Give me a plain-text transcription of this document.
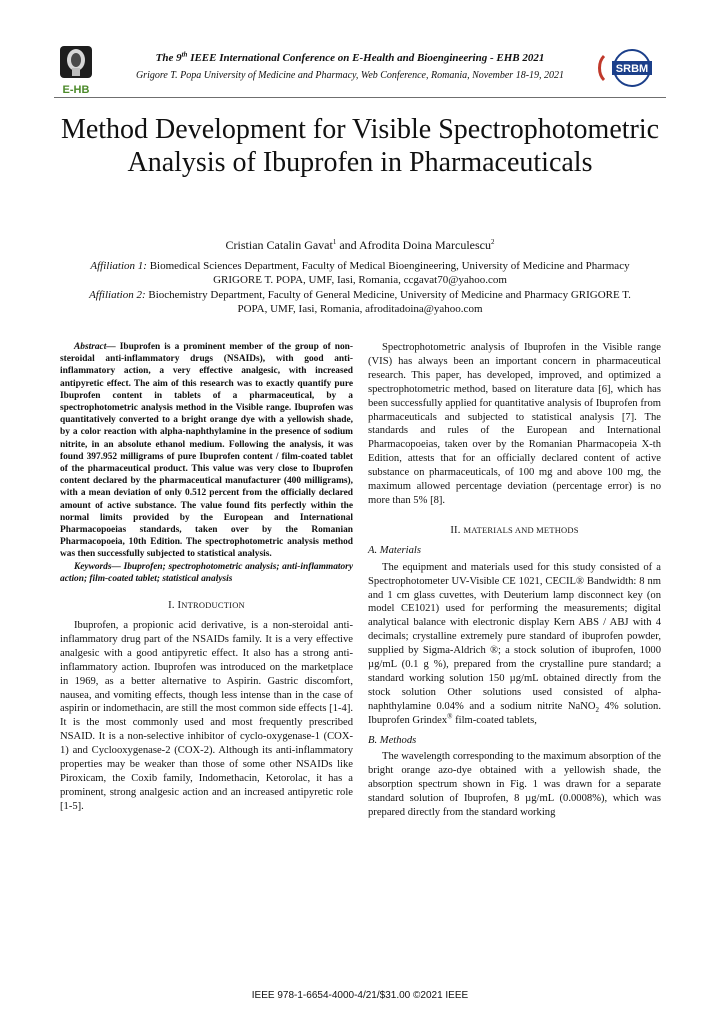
E-HB
SRBM
The 9th IEEE International Conference on E-Health and Bioengineering - EHB 2021
Grigore T. Popa University of Medicine and Pharmacy, Web Conference, Romania, November 18-19, 2021
Method Development for Visible Spectrophotometric Analysis of Ibuprofen in Pharmaceuticals
Cristian Catalin Gavat$^1$ and Afrodita Doina Marculescu$^2$
Affiliation 1: Biomedical Sciences Department, Faculty of Medical Bioengineering, University of Medicine and Pharmacy
GRIGORE T. POPA, UMF, Iasi, Romania, ccgavat70@yahoo.com
Affiliation 2: Biochemistry Department, Faculty of General Medicine, University of Medicine and Pharmacy GRIGORE T.
POPA, UMF, Iasi, Romania, afroditadoina@yahoo.com

Abstract— Ibuprofen is a prominent member of the group of non-steroidal anti-inflammatory drugs (NSAIDs), with good anti-inflammatory action, a very effective analgesic, with increased antipyretic effect. The aim of this research was to exactly quantify pure Ibuprofen content in tablets of a pharmaceutical, by a spectrophotometric analysis method in the Visible range. Ibuprofen was quantitatively converted to a bright orange dye with a yellowish shade, by a color reaction with alpha-naphthylamine in the presence of sodium nitrite, in an absolute ethanol medium. Following the analysis, it was found 397.952 milligrams of pure Ibuprofen content / film-coated tablet of the pharmaceutical product. This value was very close to Ibuprofen content declared by the pharmaceutical manufacturer (400 milligrams), with a mean deviation of only 0.512 percent from the officially declared amount of active substance. The value found fits perfectly within the normal limits provided by the European and International Pharmacopoeias standards, taken over by the Romanian Pharmacopoeia, 10th Edition. The spectrophotometric analysis method was then successfully subjected to statistical analysis.

Keywords— Ibuprofen; spectrophotometric analysis; anti-inflammatory action; film-coated tablet; statistical analysis

I. INTRODUCTION

Ibuprofen, a propionic acid derivative, is a non-steroidal anti-inflammatory drug part of the NSAIDs family. It is a very effective analgesic with a good antipyretic effect. It also has a strong anti-inflammatory action. Ibuprofen was introduced on the marketplace in 1969, as a better alternative to Aspirin. Gastric discomfort, nausea, and vomiting effects, though less intense than in the case of aspirin or indomethacin, are still the most common side effects [1-4]. It is the most commonly used and most frequently prescribed NSAID. It is a non-selective inhibitor of cyclo-oxygenase-1 (COX-1) and Cyclooxygenase-2 (COX-2). Although its anti-inflammatory properties may be weaker than those of some other NSAIDs like Piroxicam, the Coxib family, Indomethacin, Ketorolac, it has a prominent, strong analgesic action and an increased antipyretic role [1-5].

Spectrophotometric analysis of Ibuprofen in the Visible range (VIS) has always been an important concern in pharmaceutical research. This paper, has developed, improved, and optimized a spectrophotometric method, based on literature data [6], which has been successfully applied for quantitative analysis of Ibuprofen from pharmaceuticals and subjected to statistical analysis [7]. The standards and rules of the European and International Pharmacopoeias, taken over by the Romanian Pharmacopeia X-th Edition, attests that for an officially declared content of active substance on pharmaceuticals, of 100 mg and above 100 mg, the maximum allowed percentage deviation (percentage error) is no more than 5% [8].

II. MATERIALS AND METHODS
A. Materials

The equipment and materials used for this study consisted of a Spectrophotometer UV-Visible CE 1021, CECIL® Bandwidth: 8 nm and 1 cm glass cuvettes, with Deuterium lamp disconnect key (on model CE1021) used for performing the measurements; digital analytical balance with electronic display Kern ABS / ABJ with 4 decimals; crystalline extremely pure standard of ibuprofen powder, supplied by Sigma-Aldrich ®; a stock solution of ibuprofen, 1000 µg/mL (0.1 g %), prepared from the crystalline pure standard; a standard working solution 150 µg/mL obtained directly from the stock solution Other solutions used consisted of alpha-naphthylamine 0.04% and a sodium nitrite NaNO$_2$ 4% solution. Ibuprofen Grindex® film-coated tablets,

B. Methods

The wavelength corresponding to the maximum absorption of the bright orange azo-dye obtained with a yellowish shade, the absorption spectrum shown in Fig. 1 was drawn for a separate standard solution of Ibuprofen, 8 µg/mL (0.0008%), which was prepared directly from the standard working

IEEE 978-1-6654-4000-4/21/$31.00 ©2021 IEEE
